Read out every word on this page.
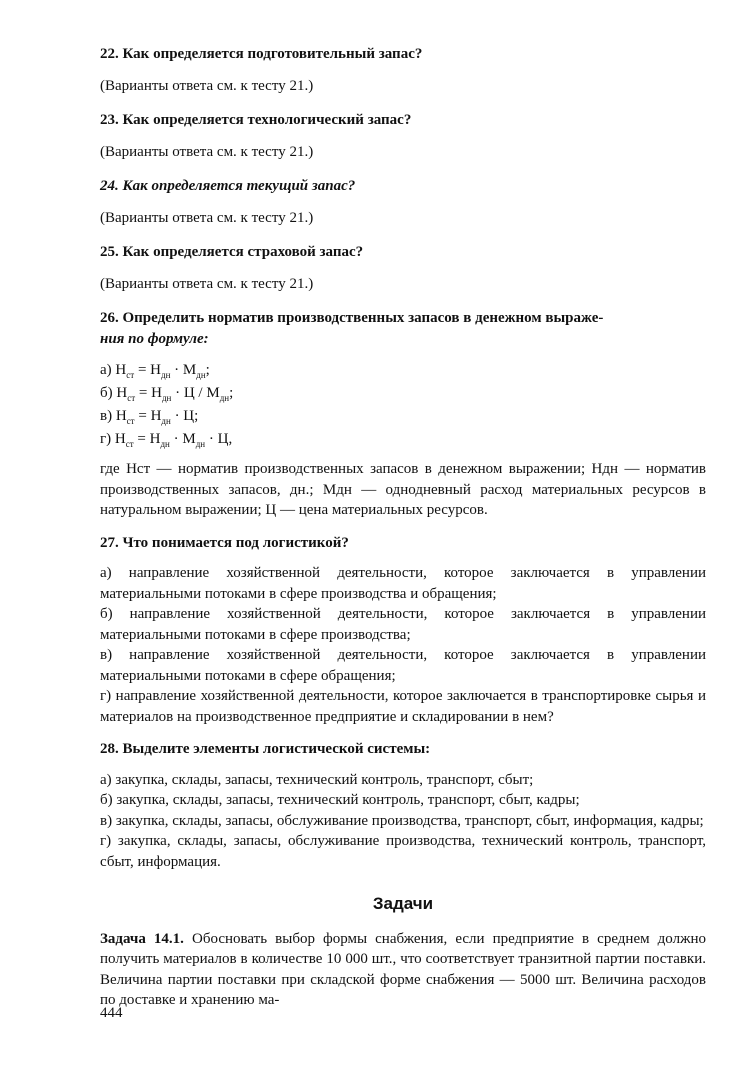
22. Как определяется подготовительный запас?

(Варианты ответа см. к тесту 21.)

23. Как определяется технологический запас?

(Варианты ответа см. к тесту 21.)

24. Как определяется текущий запас?

(Варианты ответа см. к тесту 21.)

25. Как определяется страховой запас?

(Варианты ответа см. к тесту 21.)

26. Определить норматив производственных запасов в денежном выраже-
ния по формуле:

а) $Н_{ст} = Н_{дн} \cdot М_{дн}$;

б) $Н_{ст} = Н_{дн} \cdot Ц / М_{дн}$;

в) $Н_{ст} = Н_{дн} \cdot Ц$;

г) $Н_{ст} = Н_{дн} \cdot М_{дн} \cdot Ц$,

где Нст — норматив производственных запасов в денежном выражении; Ндн — норматив производственных запасов, дн.; Мдн — однодневный расход материальных ресурсов в натуральном выражении; Ц — цена материальных ресурсов.

27. Что понимается под логистикой?

а) направление хозяйственной деятельности, которое заключается в управлении материальными потоками в сфере производства и обращения;

б) направление хозяйственной деятельности, которое заключается в управлении материальными потоками в сфере производства;

в) направление хозяйственной деятельности, которое заключается в управлении материальными потоками в сфере обращения;

г) направление хозяйственной деятельности, которое заключается в транспортировке сырья и материалов на производственное предприятие и складировании в нем?

28. Выделите элементы логистической системы:

а) закупка, склады, запасы, технический контроль, транспорт, сбыт;

б) закупка, склады, запасы, технический контроль, транспорт, сбыт, кадры;

в) закупка, склады, запасы, обслуживание производства, транспорт, сбыт, информация, кадры;

г) закупка, склады, запасы, обслуживание производства, технический контроль, транспорт, сбыт, информация.

Задачи

Задача 14.1. Обосновать выбор формы снабжения, если предприятие в среднем должно получить материалов в количестве 10 000 шт., что соответствует транзитной партии поставки. Величина партии поставки при складской форме снабжения — 5000 шт. Величина расходов по доставке и хранению ма-

444
